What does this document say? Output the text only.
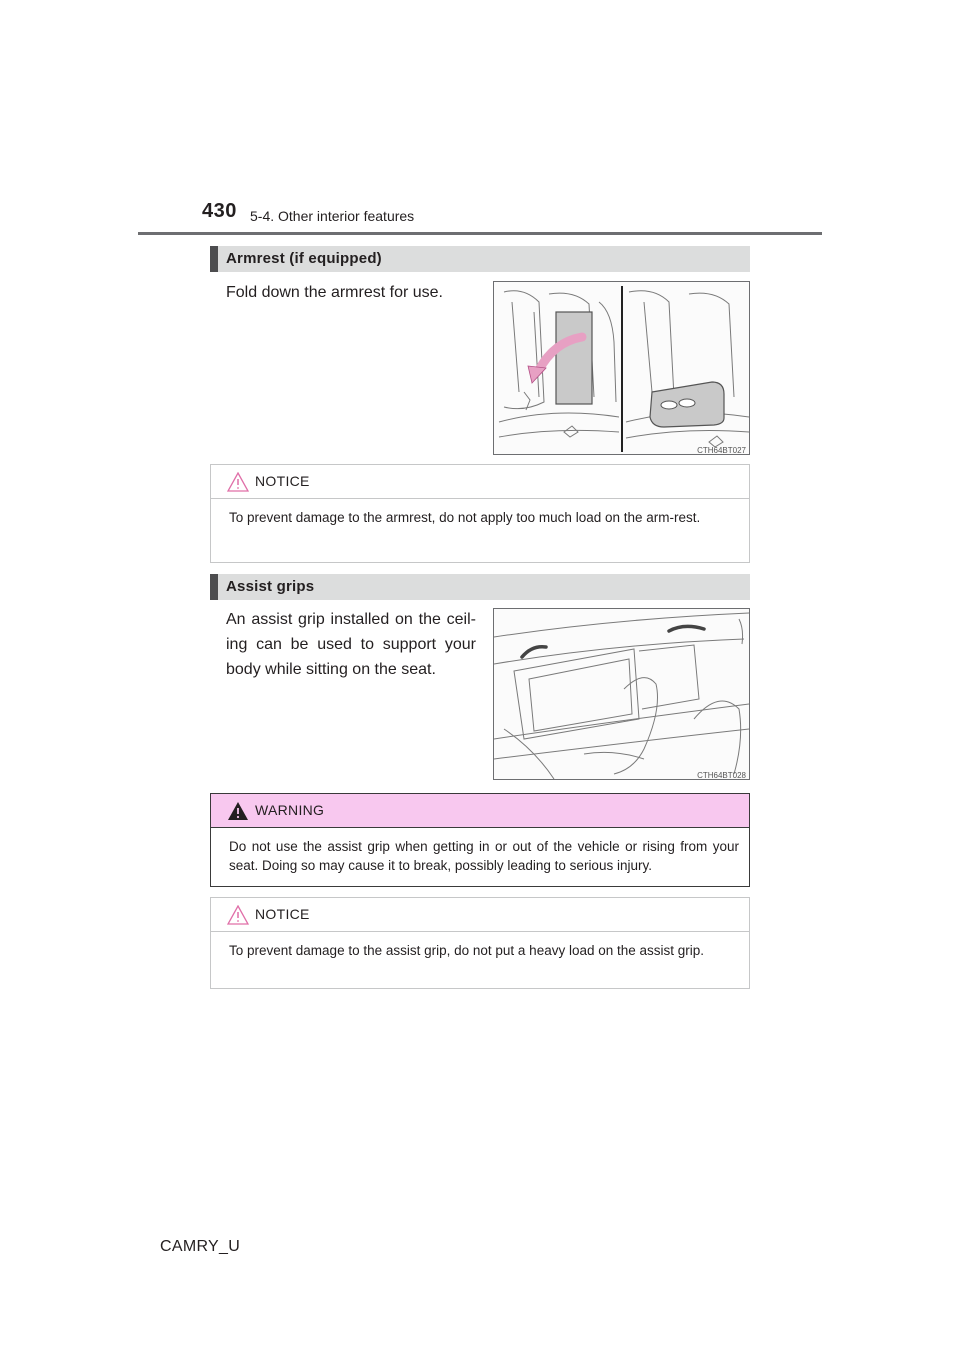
430 5-4. Other interior features
Armrest (if equipped)
Fold down the armrest for use.
CTH64BT027
NOTICE
To prevent damage to the armrest, do not apply too much load on the arm-rest.
Assist grips
An assist grip installed on the ceil-ing can be used to support your body while sitting on the seat.
CTH64BT028
WARNING
Do not use the assist grip when getting in or out of the vehicle or rising from your seat. Doing so may cause it to break, possibly leading to serious injury.
NOTICE
To prevent damage to the assist grip, do not put a heavy load on the assist grip.
CAMRY_U
